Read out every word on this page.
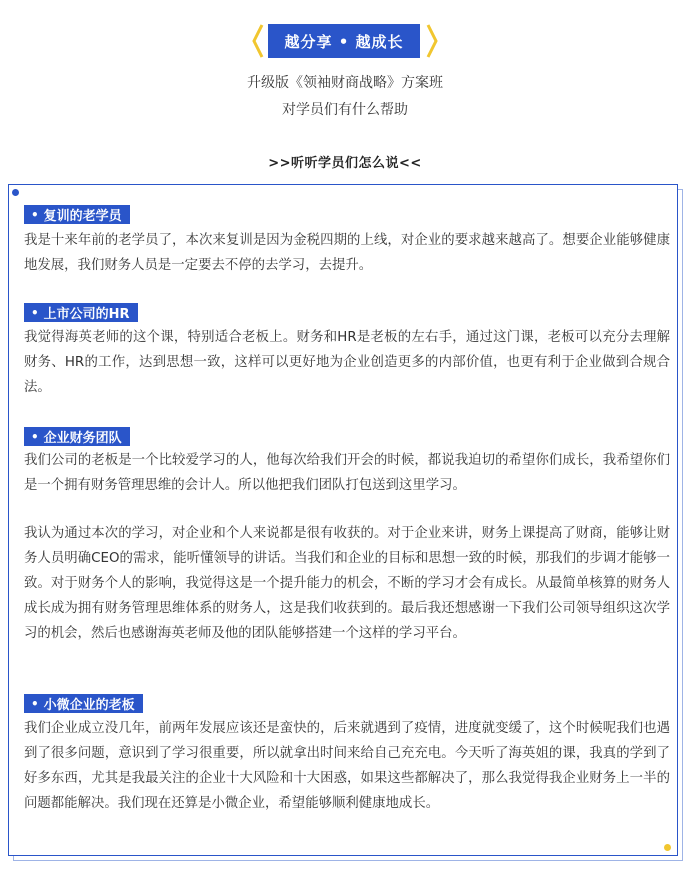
越分享 • 越成长
升级版《领袖财商战略》方案班
对学员们有什么帮助
>>听听学员们怎么说<<
• 复训的老学员
我是十来年前的老学员了，本次来复训是因为金税四期的上线，对企业的要求越来越高了。想要企业能够健康地发展，我们财务人员是一定要去不停的去学习，去提升。
• 上市公司的HR
我觉得海英老师的这个课，特别适合老板上。财务和HR是老板的左右手，通过这门课，老板可以充分去理解财务、HR的工作，达到思想一致，这样可以更好地为企业创造更多的内部价值，也更有利于企业做到合规合法。
• 企业财务团队
我们公司的老板是一个比较爱学习的人，他每次给我们开会的时候，都说我迫切的希望你们成长，我希望你们是一个拥有财务管理思维的会计人。所以他把我们团队打包送到这里学习。
我认为通过本次的学习，对企业和个人来说都是很有收获的。对于企业来讲，财务上课提高了财商，能够让财务人员明确CEO的需求，能听懂领导的讲话。当我们和企业的目标和思想一致的时候，那我们的步调才能够一致。对于财务个人的影响，我觉得这是一个提升能力的机会，不断的学习才会有成长。从最简单核算的财务人成长成为拥有财务管理思维体系的财务人，这是我们收获到的。最后我还想感谢一下我们公司领导组织这次学习的机会，然后也感谢海英老师及他的团队能够搭建一个这样的学习平台。
• 小微企业的老板
我们企业成立没几年，前两年发展应该还是蛮快的，后来就遇到了疫情，进度就变缓了，这个时候呢我们也遇到了很多问题，意识到了学习很重要，所以就拿出时间来给自己充充电。今天听了海英姐的课，我真的学到了好多东西，尤其是我最关注的企业十大风险和十大困惑，如果这些都解决了，那么我觉得我企业财务上一半的问题都能解决。我们现在还算是小微企业，希望能够顺利健康地成长。
